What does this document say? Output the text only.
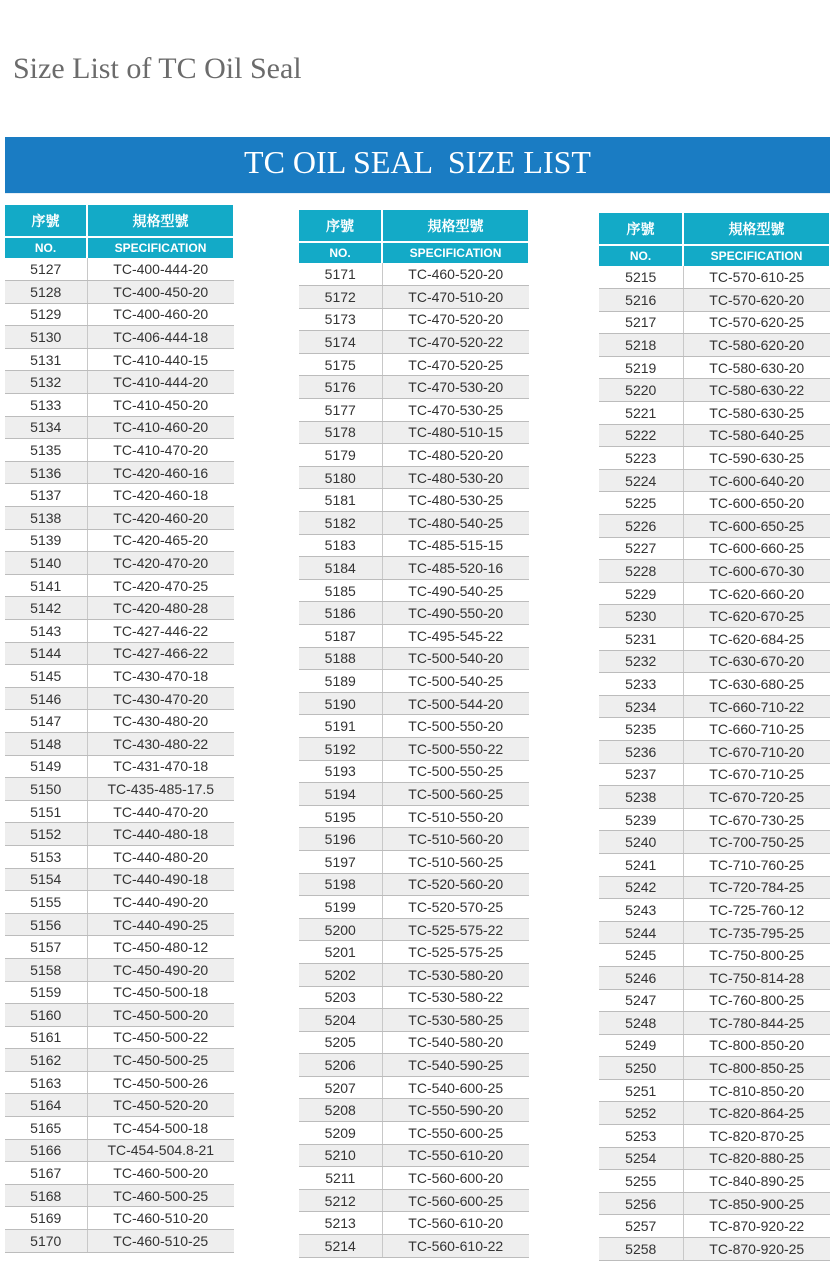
Size List of TC Oil Seal
TC OIL SEAL  SIZE LIST
序號	規格型號
NO.	SPECIFICATION
5127	TC-400-444-20
5128	TC-400-450-20
5129	TC-400-460-20
5130	TC-406-444-18
5131	TC-410-440-15
5132	TC-410-444-20
5133	TC-410-450-20
5134	TC-410-460-20
5135	TC-410-470-20
5136	TC-420-460-16
5137	TC-420-460-18
5138	TC-420-460-20
5139	TC-420-465-20
5140	TC-420-470-20
5141	TC-420-470-25
5142	TC-420-480-28
5143	TC-427-446-22
5144	TC-427-466-22
5145	TC-430-470-18
5146	TC-430-470-20
5147	TC-430-480-20
5148	TC-430-480-22
5149	TC-431-470-18
5150	TC-435-485-17.5
5151	TC-440-470-20
5152	TC-440-480-18
5153	TC-440-480-20
5154	TC-440-490-18
5155	TC-440-490-20
5156	TC-440-490-25
5157	TC-450-480-12
5158	TC-450-490-20
5159	TC-450-500-18
5160	TC-450-500-20
5161	TC-450-500-22
5162	TC-450-500-25
5163	TC-450-500-26
5164	TC-450-520-20
5165	TC-454-500-18
5166	TC-454-504.8-21
5167	TC-460-500-20
5168	TC-460-500-25
5169	TC-460-510-20
5170	TC-460-510-25
序號	規格型號
NO.	SPECIFICATION
5171	TC-460-520-20
5172	TC-470-510-20
5173	TC-470-520-20
5174	TC-470-520-22
5175	TC-470-520-25
5176	TC-470-530-20
5177	TC-470-530-25
5178	TC-480-510-15
5179	TC-480-520-20
5180	TC-480-530-20
5181	TC-480-530-25
5182	TC-480-540-25
5183	TC-485-515-15
5184	TC-485-520-16
5185	TC-490-540-25
5186	TC-490-550-20
5187	TC-495-545-22
5188	TC-500-540-20
5189	TC-500-540-25
5190	TC-500-544-20
5191	TC-500-550-20
5192	TC-500-550-22
5193	TC-500-550-25
5194	TC-500-560-25
5195	TC-510-550-20
5196	TC-510-560-20
5197	TC-510-560-25
5198	TC-520-560-20
5199	TC-520-570-25
5200	TC-525-575-22
5201	TC-525-575-25
5202	TC-530-580-20
5203	TC-530-580-22
5204	TC-530-580-25
5205	TC-540-580-20
5206	TC-540-590-25
5207	TC-540-600-25
5208	TC-550-590-20
5209	TC-550-600-25
5210	TC-550-610-20
5211	TC-560-600-20
5212	TC-560-600-25
5213	TC-560-610-20
5214	TC-560-610-22
序號	規格型號
NO.	SPECIFICATION
5215	TC-570-610-25
5216	TC-570-620-20
5217	TC-570-620-25
5218	TC-580-620-20
5219	TC-580-630-20
5220	TC-580-630-22
5221	TC-580-630-25
5222	TC-580-640-25
5223	TC-590-630-25
5224	TC-600-640-20
5225	TC-600-650-20
5226	TC-600-650-25
5227	TC-600-660-25
5228	TC-600-670-30
5229	TC-620-660-20
5230	TC-620-670-25
5231	TC-620-684-25
5232	TC-630-670-20
5233	TC-630-680-25
5234	TC-660-710-22
5235	TC-660-710-25
5236	TC-670-710-20
5237	TC-670-710-25
5238	TC-670-720-25
5239	TC-670-730-25
5240	TC-700-750-25
5241	TC-710-760-25
5242	TC-720-784-25
5243	TC-725-760-12
5244	TC-735-795-25
5245	TC-750-800-25
5246	TC-750-814-28
5247	TC-760-800-25
5248	TC-780-844-25
5249	TC-800-850-20
5250	TC-800-850-25
5251	TC-810-850-20
5252	TC-820-864-25
5253	TC-820-870-25
5254	TC-820-880-25
5255	TC-840-890-25
5256	TC-850-900-25
5257	TC-870-920-22
5258	TC-870-920-25
